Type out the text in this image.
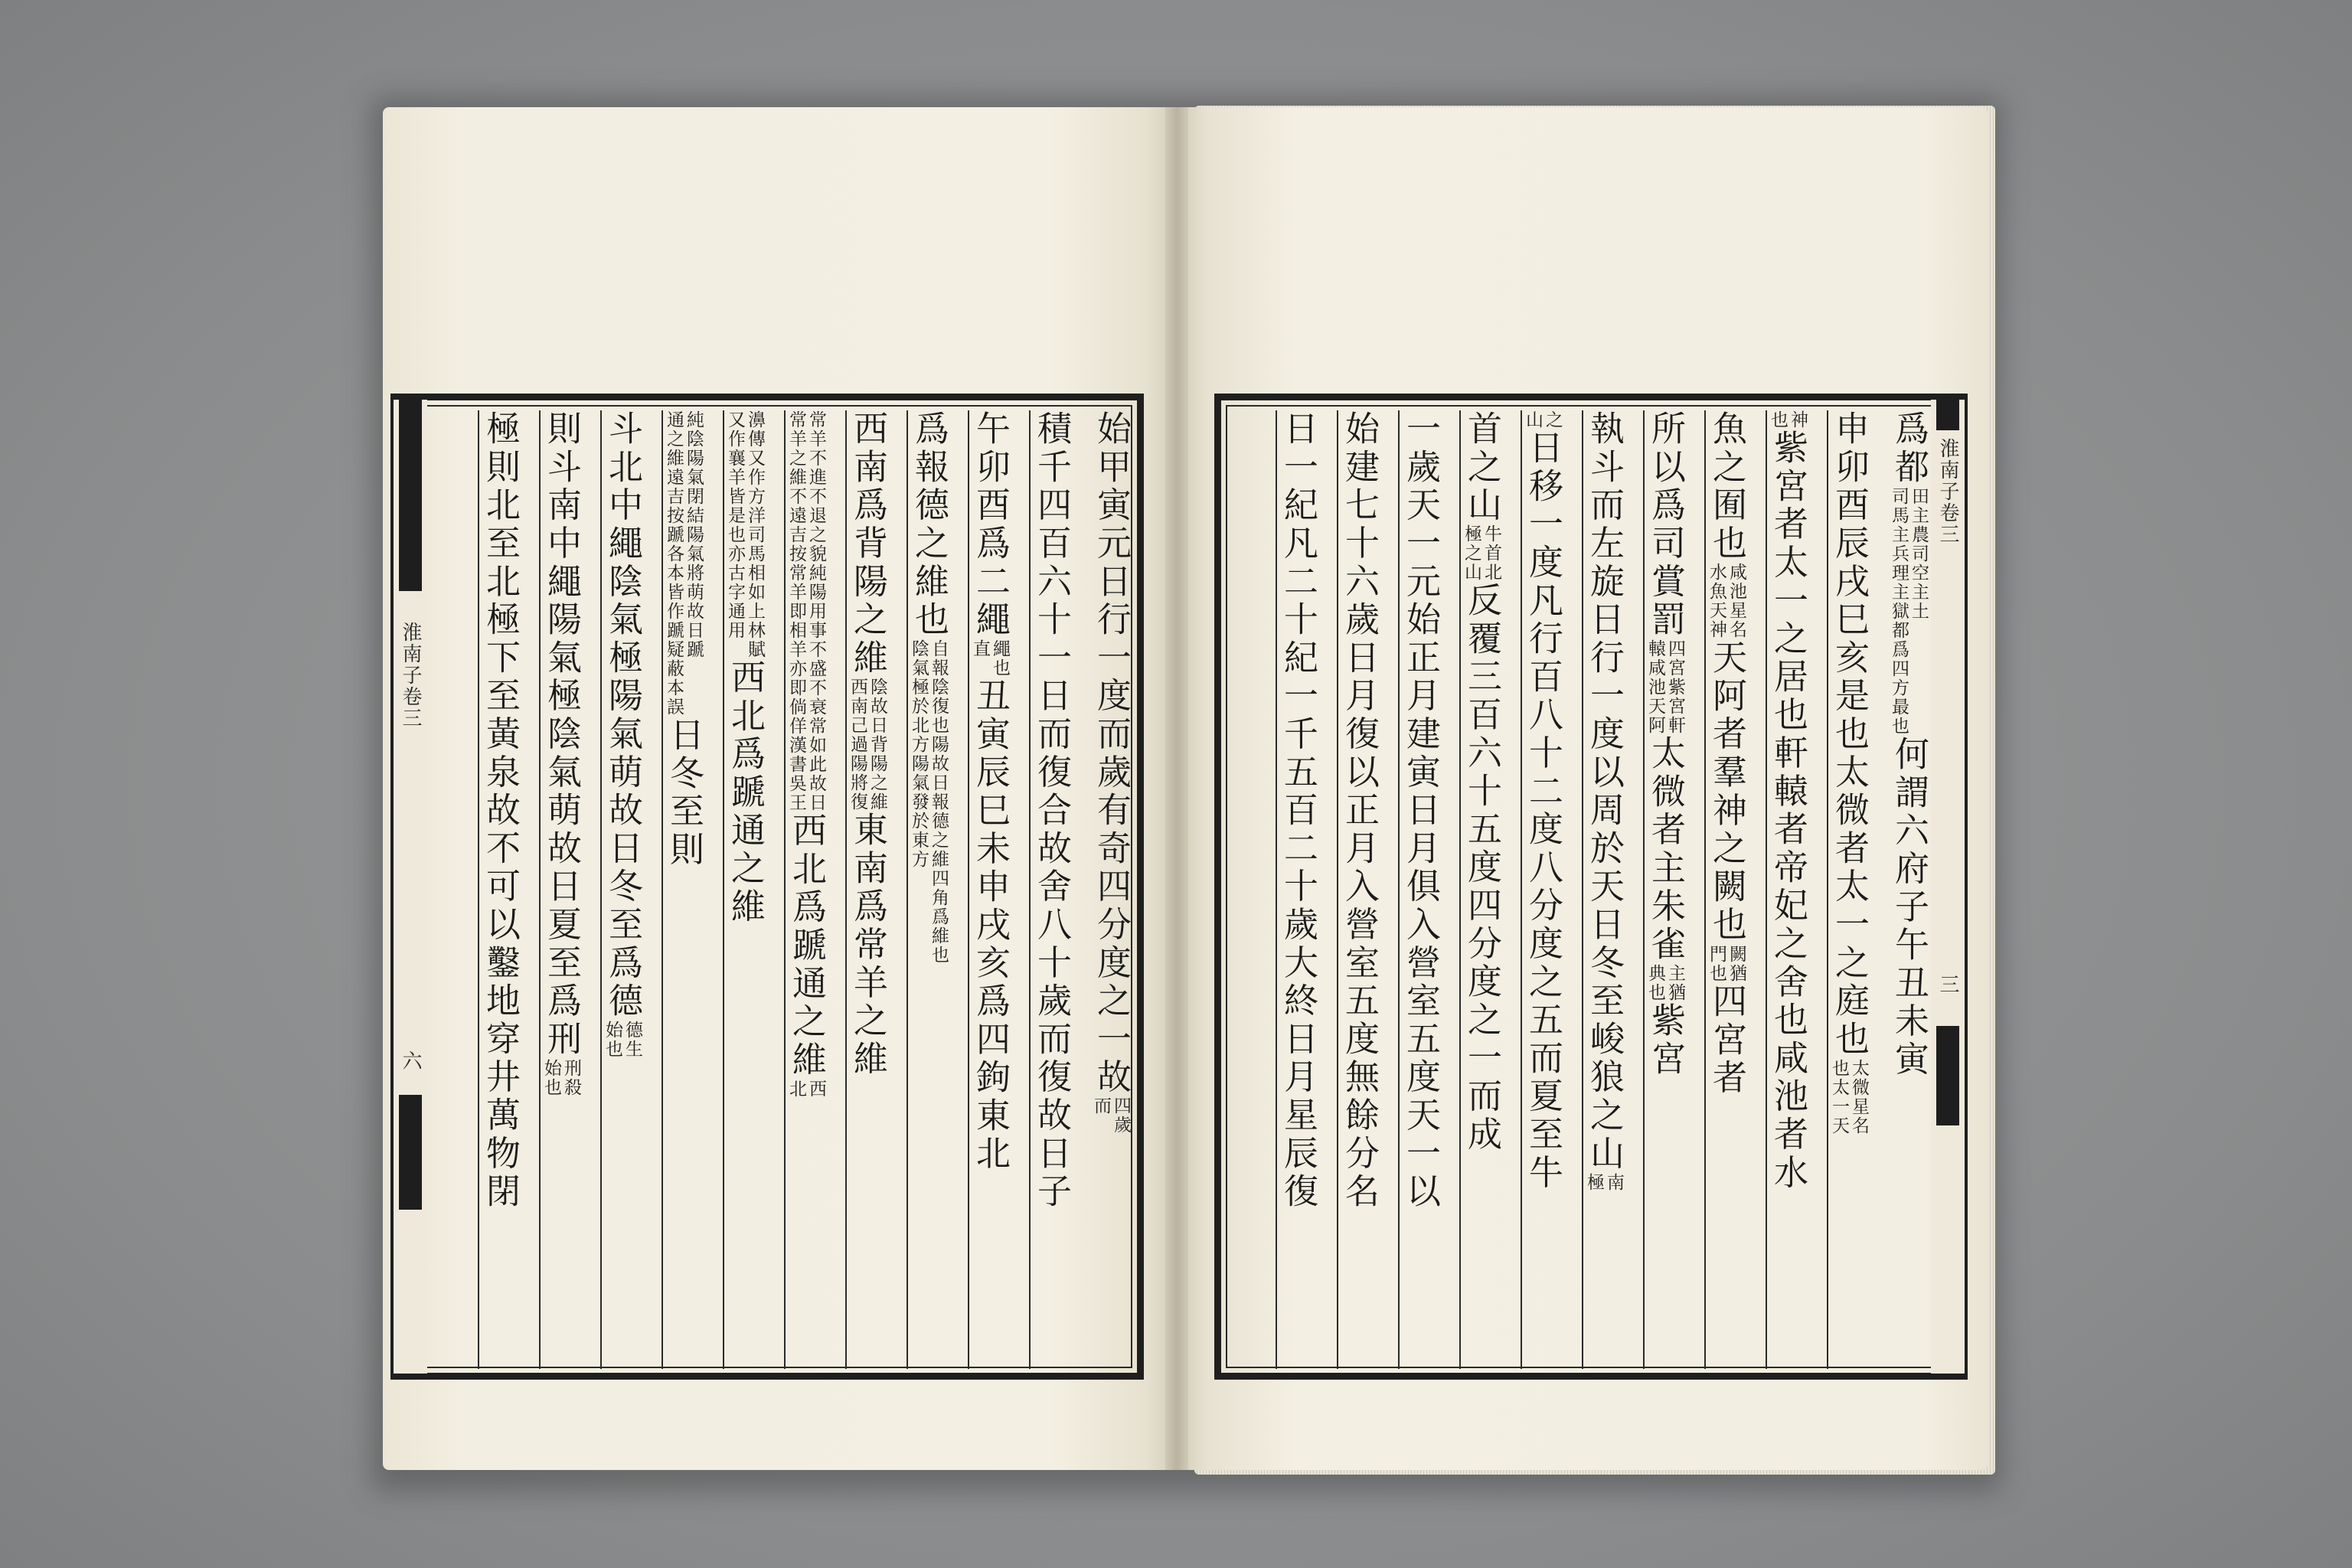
始甲寅元日行一度而歲有奇四分度之一故
四歲
而
積千四百六十一日而復合故舍八十歲而復故日子
午卯酉爲二繩
繩也
直
丑寅辰巳未申戌亥爲四鉤東北
爲報德之維也
自報陰復也陽故日報德之維四角爲維也
陰氣極於北方陽氣發於東方
西南爲背陽之維
陰故日背陽之維
西南己過陽將復
東南爲常羊之維
常羊不進不退之貌純陽用事不盛不衰常如此故日
常羊之維不遠吉按常羊即相羊亦即倘佯漢書吳王
西北爲蹏通之維
西
北
濞傳又作方洋司馬相如上林賦
又作襄羊皆是也亦古字通用
西北爲蹏通之維
純陰陽氣閉結陽氣將萌故日蹏
通之維遠吉按蹏各本皆作蹏疑蔽本誤
日冬至則
斗北中繩陰氣極陽氣萌故日冬至爲德
德生
始也
則斗南中繩陽氣極陰氣萌故日夏至爲刑
刑殺
始也
極則北至北極下至黃泉故不可以鑿地穿井萬物閉	爲都
田主農司空主土
司馬主兵理主獄都爲四方最也
何謂六府子午丑未寅
申卯酉辰戌巳亥是也太微者太一之庭也
太微星名
也太一天
神
也
紫宮者太一之居也軒轅者帝妃之舍也咸池者水
魚之囿也
咸池星名
水魚天神
天阿者羣神之闕也
闕猶
門也
四宮者
所以爲司賞罰
四宮紫宮軒
轅咸池天阿
太微者主朱雀
主猶
典也
紫宮
執斗而左旋日行一度以周於天日冬至峻狼之山
南
極
之
山
日移一度凡行百八十二度八分度之五而夏至牛
首之山
牛首北
極之山
反覆三百六十五度四分度之一而成
一歲天一元始正月建寅日月俱入營室五度天一以
始建七十六歲日月復以正月入營室五度無餘分名
日一紀凡二十紀一千五百二十歲大終日月星辰復
淮南子卷三
六
淮南子卷三
三
